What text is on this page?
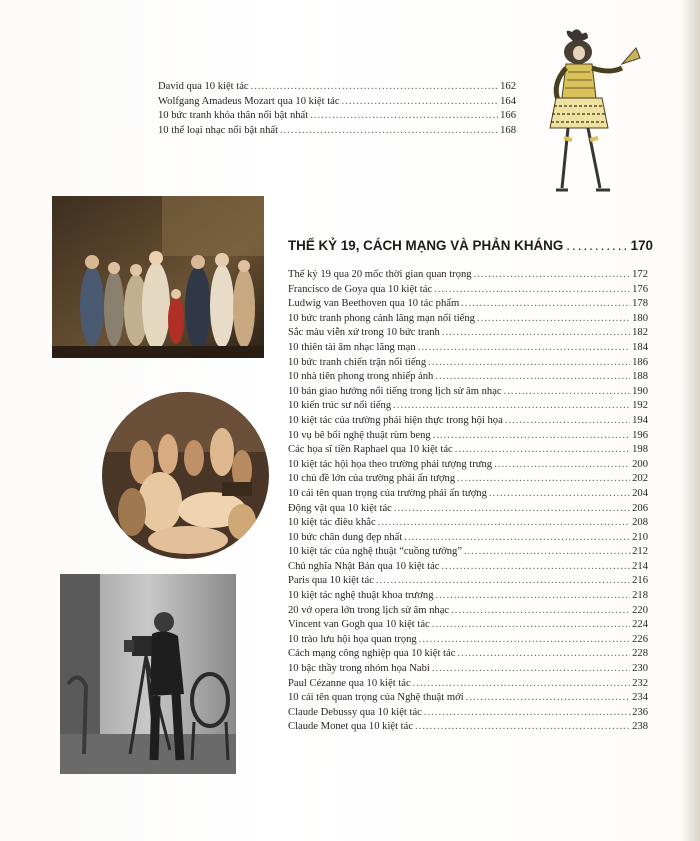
David qua 10 kiệt tác .....	162
Wolfgang Amadeus Mozart qua 10 kiệt tác .....	164
10 bức tranh khỏa thân nổi bật nhất .....	166
10 thể loại nhạc nổi bật nhất .....	168
THẾ KỶ 19, CÁCH MẠNG VÀ PHẢN KHÁNG .....	170
Thế kỷ 19 qua 20 mốc thời gian quan trọng .....	172
Francisco de Goya qua 10 kiệt tác .....	176
Ludwig van Beethoven qua 10 tác phẩm .....	178
10 bức tranh phong cảnh lãng mạn nổi tiếng .....	180
Sắc màu viễn xứ trong 10 bức tranh .....	182
10 thiên tài âm nhạc lãng mạn .....	184
10 bức tranh chiến trận nổi tiếng .....	186
10 nhà tiên phong trong nhiếp ảnh .....	188
10 bản giao hưởng nổi tiếng trong lịch sử âm nhạc .....	190
10 kiến trúc sư nổi tiếng .....	192
10 kiệt tác của trường phái hiện thực trong hội họa .....	194
10 vụ bê bối nghệ thuật rùm beng .....	196
Các họa sĩ tiền Raphael qua 10 kiệt tác .....	198
10 kiệt tác hội họa theo trường phái tượng trưng .....	200
10 chủ đề lớn của trường phái ấn tượng .....	202
10 cái tên quan trọng của trường phái ấn tượng .....	204
Động vật qua 10 kiệt tác .....	206
10 kiệt tác điêu khắc .....	208
10 bức chân dung đẹp nhất .....	210
10 kiệt tác của nghệ thuật “cuồng tưởng” .....	212
Chủ nghĩa Nhật Bản qua 10 kiệt tác .....	214
Paris qua 10 kiệt tác .....	216
10 kiệt tác nghệ thuật khoa trương .....	218
20 vở opera lớn trong lịch sử âm nhạc .....	220
Vincent van Gogh qua 10 kiệt tác .....	224
10 trào lưu hội họa quan trọng .....	226
Cách mạng công nghiệp qua 10 kiệt tác .....	228
10 bậc thầy trong nhóm họa Nabi .....	230
Paul Cézanne qua 10 kiệt tác .....	232
10 cái tên quan trọng của Nghệ thuật mới .....	234
Claude Debussy qua 10 kiệt tác .....	236
Claude Monet qua 10 kiệt tác .....	238
